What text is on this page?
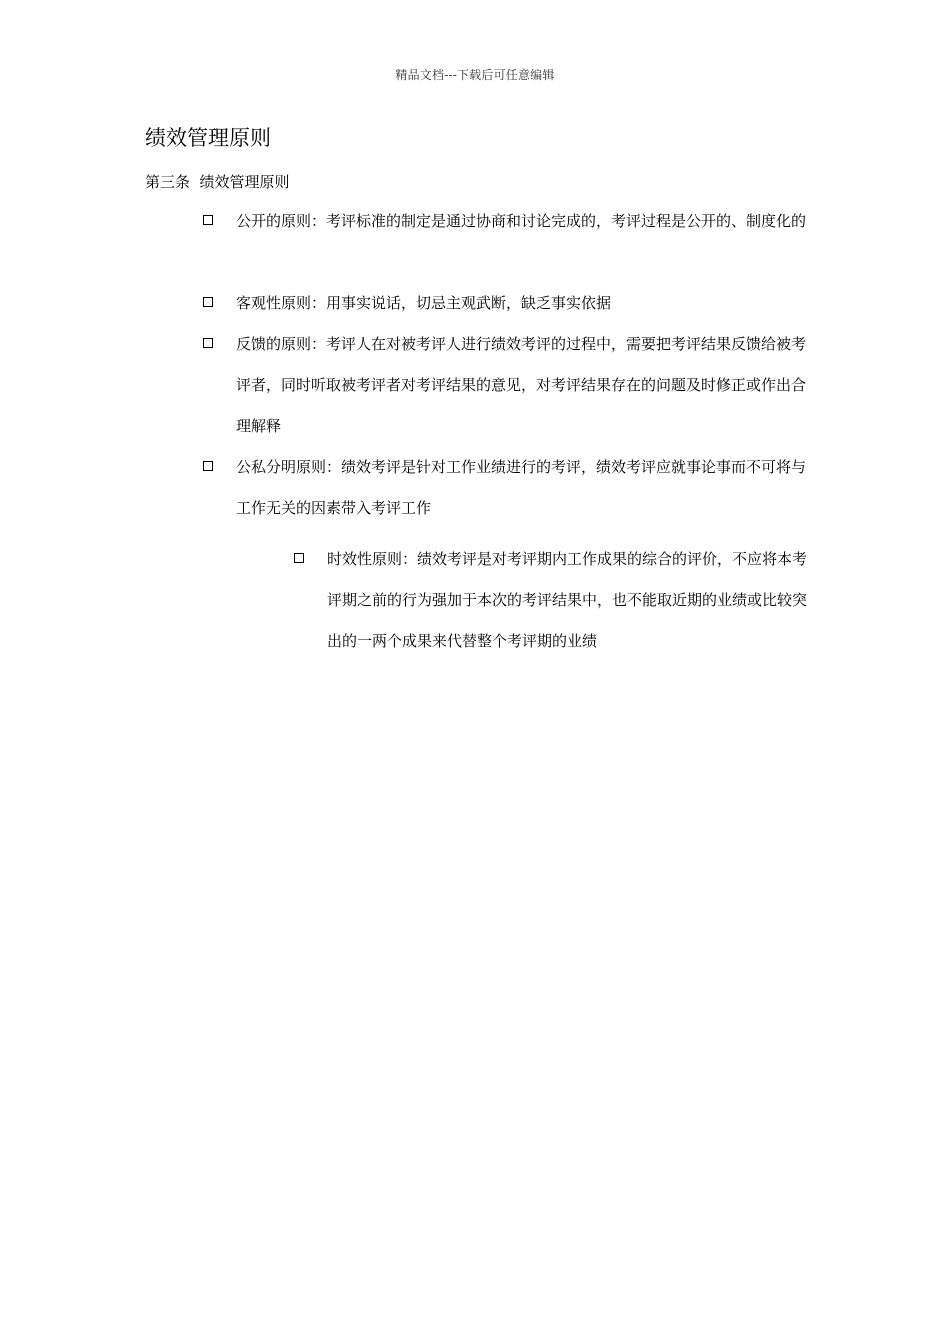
精品文档---下载后可任意编辑
绩效管理原则
第三条  绩效管理原则
公开的原则：考评标准的制定是通过协商和讨论完成的，考评过程是公开的、制度化的
客观性原则：用事实说话，切忌主观武断，缺乏事实依据
反馈的原则：考评人在对被考评人进行绩效考评的过程中，需要把考评结果反馈给被考评者，同时听取被考评者对考评结果的意见，对考评结果存在的问题及时修正或作出合理解释
公私分明原则：绩效考评是针对工作业绩进行的考评，绩效考评应就事论事而不可将与工作无关的因素带入考评工作
时效性原则：绩效考评是对考评期内工作成果的综合的评价，不应将本考评期之前的行为强加于本次的考评结果中，也不能取近期的业绩或比较突出的一两个成果来代替整个考评期的业绩
